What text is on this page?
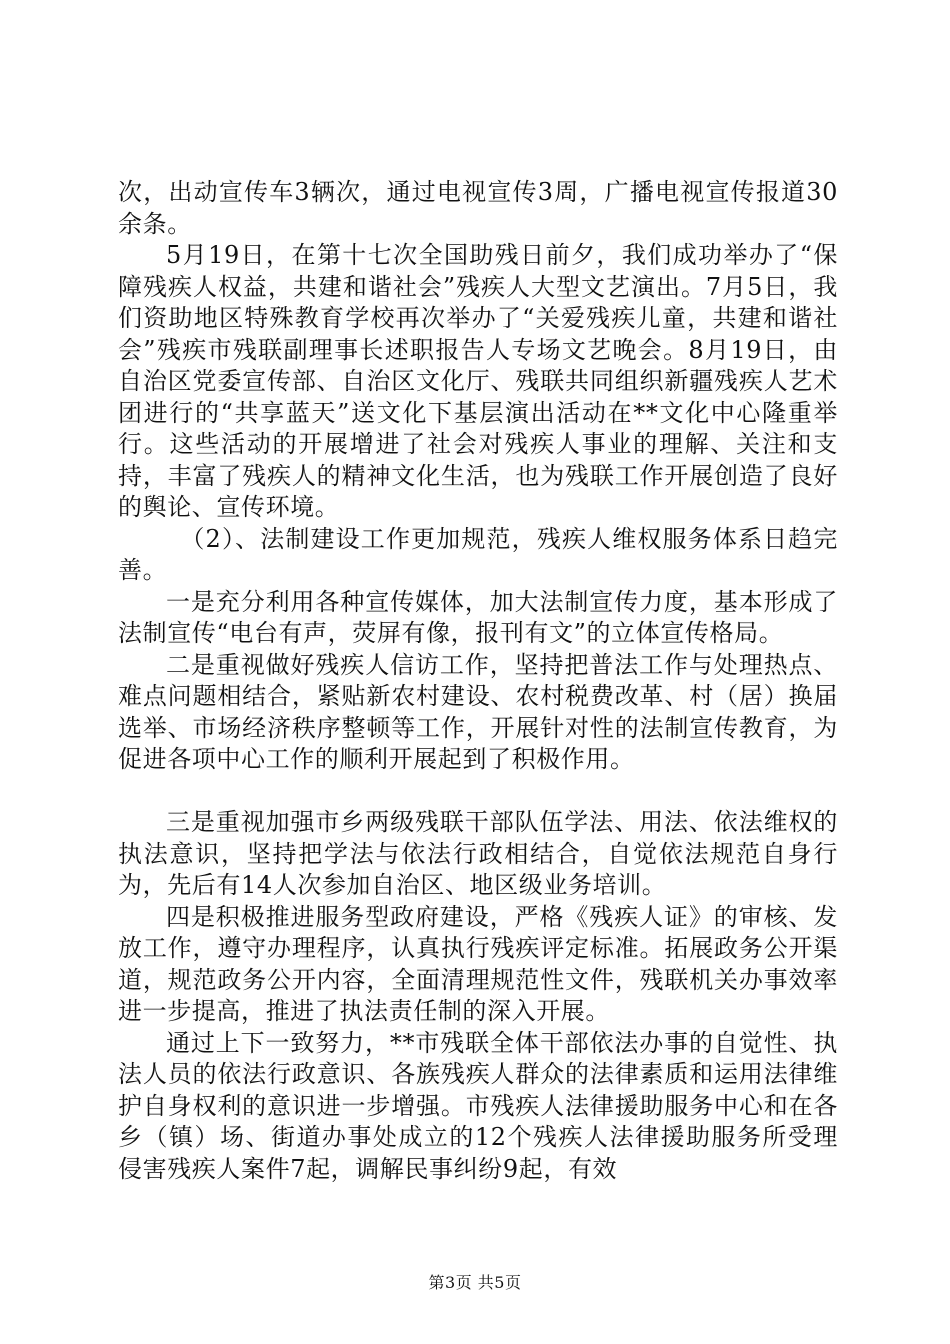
次，出动宣传车3辆次，通过电视宣传3周，广播电视宣传报道30余条。

5月19日，在第十七次全国助残日前夕，我们成功举办了“保障残疾人权益，共建和谐社会”残疾人大型文艺演出。7月5日，我们资助地区特殊教育学校再次举办了“关爱残疾儿童，共建和谐社会”残疾市残联副理事长述职报告人专场文艺晚会。8月19日，由自治区党委宣传部、自治区文化厅、残联共同组织新疆残疾人艺术团进行的“共享蓝天”送文化下基层演出活动在**文化中心隆重举行。这些活动的开展增进了社会对残疾人事业的理解、关注和支持，丰富了残疾人的精神文化生活，也为残联工作开展创造了良好的舆论、宣传环境。

（2）、法制建设工作更加规范，残疾人维权服务体系日趋完善。

一是充分利用各种宣传媒体，加大法制宣传力度，基本形成了法制宣传“电台有声，荧屏有像，报刊有文”的立体宣传格局。

二是重视做好残疾人信访工作，坚持把普法工作与处理热点、难点问题相结合，紧贴新农村建设、农村税费改革、村（居）换届选举、市场经济秩序整顿等工作，开展针对性的法制宣传教育，为促进各项中心工作的顺利开展起到了积极作用。

三是重视加强市乡两级残联干部队伍学法、用法、依法维权的执法意识，坚持把学法与依法行政相结合，自觉依法规范自身行为，先后有14人次参加自治区、地区级业务培训。

四是积极推进服务型政府建设，严格《残疾人证》的审核、发放工作，遵守办理程序，认真执行残疾评定标准。拓展政务公开渠道，规范政务公开内容，全面清理规范性文件，残联机关办事效率进一步提高，推进了执法责任制的深入开展。

通过上下一致努力，**市残联全体干部依法办事的自觉性、执法人员的依法行政意识、各族残疾人群众的法律素质和运用法律维护自身权利的意识进一步增强。市残疾人法律援助服务中心和在各乡（镇）场、街道办事处成立的12个残疾人法律援助服务所受理侵害残疾人案件7起，调解民事纠纷9起，有效

第3页 共5页
